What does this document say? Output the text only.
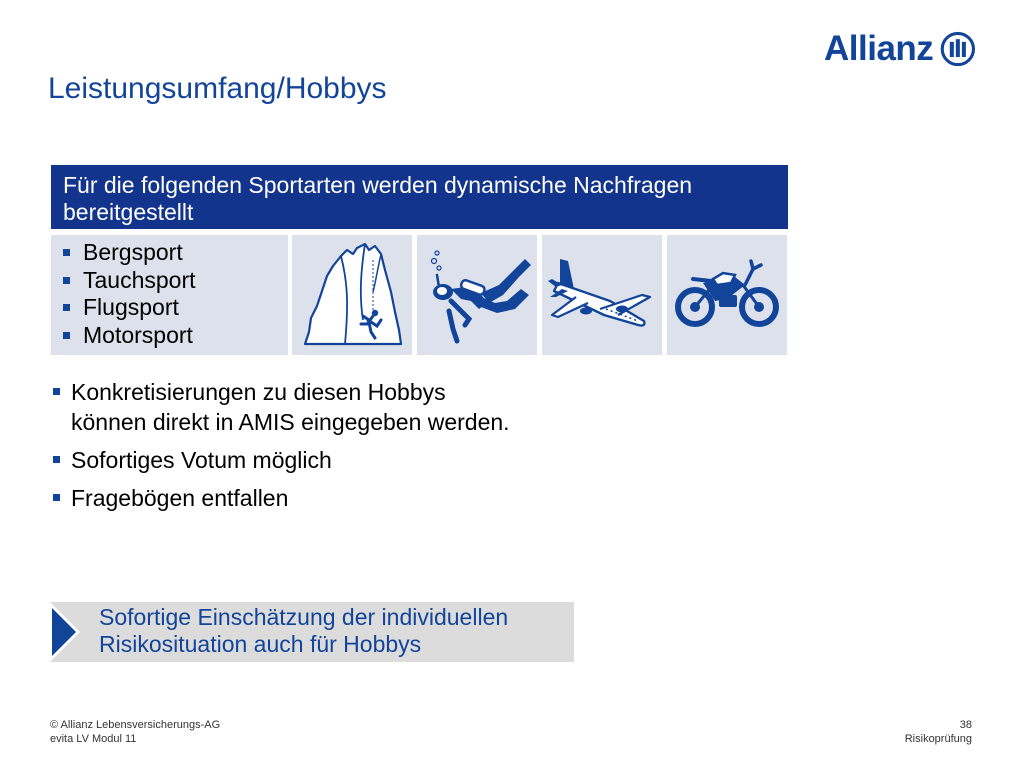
Allianz
Leistungsumfang/Hobbys
Für die folgenden Sportarten werden dynamische Nachfragen bereitgestellt
Bergsport
Tauchsport
Flugsport
Motorsport
Konkretisierungen zu diesen Hobbys
können direkt in AMIS eingegeben werden.
Sofortiges Votum möglich
Fragebögen entfallen
Sofortige Einschätzung der individuellen
Risikosituation auch für Hobbys
© Allianz Lebensversicherungs-AG
evita LV Modul 11
38
Risikoprüfung
